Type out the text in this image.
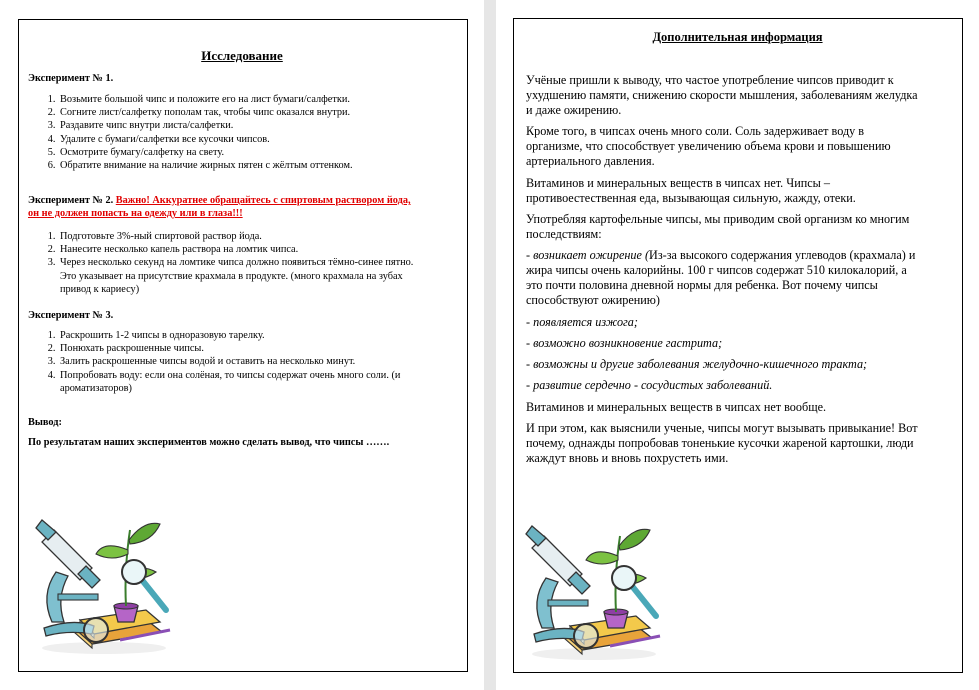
Исследование
Эксперимент № 1.
1. Возьмите большой чипс и положите его на лист бумаги/салфетки.
2. Согните лист/салфетку пополам так, чтобы чипс оказался внутри.
3. Раздавите чипс внутри листа/салфетки.
4. Удалите с бумаги/салфетки все кусочки чипсов.
5. Осмотрите бумагу/салфетку на свету.
6. Обратите внимание на наличие жирных пятен с жёлтым оттенком.
Эксперимент № 2. Важно! Аккуратнее обращайтесь с спиртовым раствором йода,
он не должен попасть на одежду или в глаза!!!
1. Подготовьте 3%-ный спиртовой раствор йода.
2. Нанесите несколько капель раствора на ломтик чипса.
3. Через несколько секунд на ломтике чипса должно появиться тёмно-синее пятно.
Это указывает на присутствие крахмала в продукте. (много крахмала на зубах
привод к кариесу)
Эксперимент № 3.
1. Раскрошить 1-2 чипсы в одноразовую тарелку.
2. Понюхать раскрошенные чипсы.
3. Залить раскрошенные чипсы водой и оставить на несколько минут.
4. Попробовать воду: если она солёная, то чипсы содержат очень много соли. (и
ароматизаторов)
Вывод:
По результатам наших экспериментов можно сделать вывод, что чипсы …….
Дополнительная информация
Учёные пришли к выводу, что частое употребление чипсов приводит к
ухудшению памяти, снижению скорости мышления, заболеваниям желудка
и даже ожирению.
Кроме того, в чипсах очень много соли. Соль задерживает воду в
организме, что способствует увеличению объема крови и повышению
артериального давления.
Витаминов и минеральных веществ в чипсах нет. Чипсы –
противоестественная еда, вызывающая сильную, жажду, отеки.
Употребляя картофельные чипсы, мы приводим свой организм ко многим
последствиям:
- возникает ожирение (Из-за высокого содержания углеводов (крахмала) и
жира чипсы очень калорийны. 100 г чипсов содержат 510 килокалорий, а
это почти половина дневной нормы для ребенка. Вот почему чипсы
способствуют ожирению)
- появляется изжога;
- возможно возникновение гастрита;
- возможны и другие заболевания желудочно-кишечного тракта;
- развитие сердечно - сосудистых заболеваний.
Витаминов и минеральных веществ в чипсах нет вообще.
И при этом, как выяснили ученые, чипсы могут вызывать привыкание! Вот
почему, однажды попробовав тоненькие кусочки жареной картошки, люди
жаждут вновь и вновь похрустеть ими.
